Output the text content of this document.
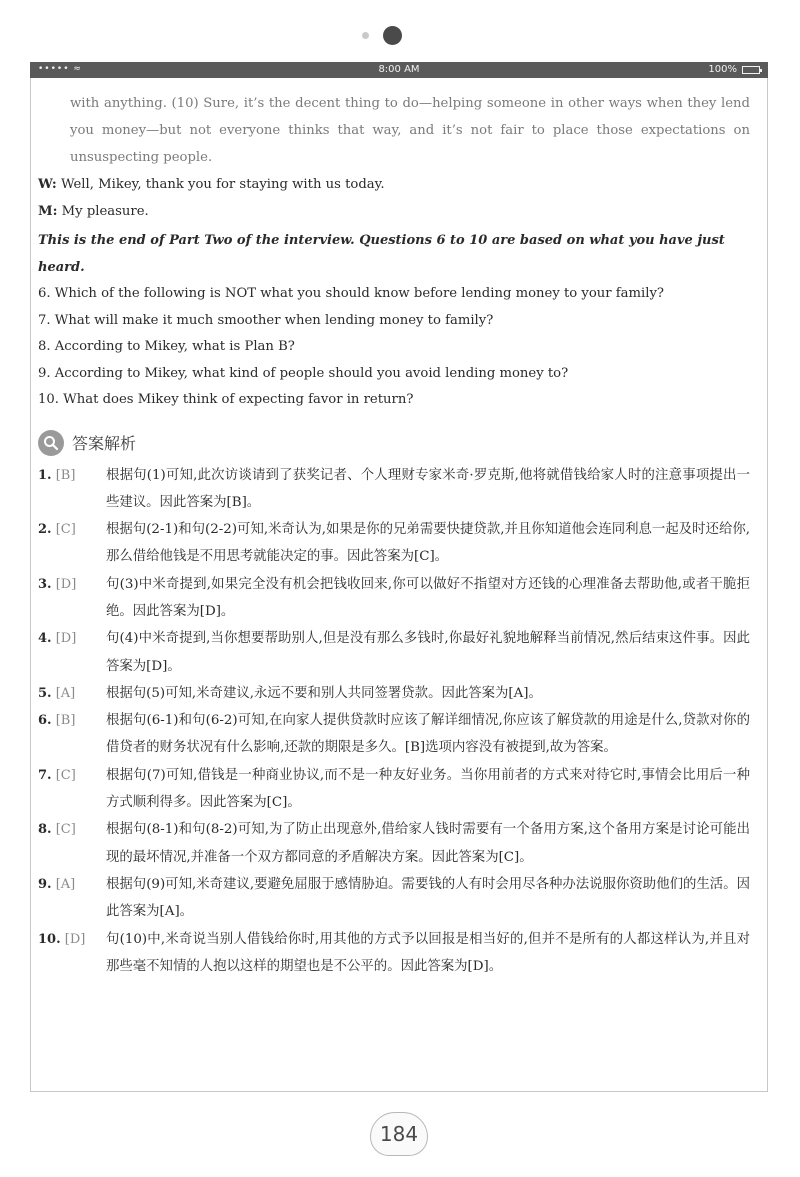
••••• ≈	8:00 AM	100%

with anything. (10) Sure, it’s the decent thing to do—helping someone in other ways when they lend you money—but not everyone thinks that way, and it’s not fair to place those expectations on unsuspecting people.

W: Well, Mikey, thank you for staying with us today.

M: My pleasure.

This is the end of Part Two of the interview. Questions 6 to 10 are based on what you have just heard.

6. Which of the following is NOT what you should know before lending money to your family?

7. What will make it much smoother when lending money to family?

8. According to Mikey, what is Plan B?

9. According to Mikey, what kind of people should you avoid lending money to?

10. What does Mikey think of expecting favor in return?

答案解析
1. [B]	根据句(1)可知,此次访谈请到了获奖记者、个人理财专家米奇·罗克斯,他将就借钱给家人时的注意事项提出一些建议。因此答案为[B]。
2. [C]	根据句(2-1)和句(2-2)可知,米奇认为,如果是你的兄弟需要快捷贷款,并且你知道他会连同利息一起及时还给你,那么借给他钱是不用思考就能决定的事。因此答案为[C]。
3. [D]	句(3)中米奇提到,如果完全没有机会把钱收回来,你可以做好不指望对方还钱的心理准备去帮助他,或者干脆拒绝。因此答案为[D]。
4. [D]	句(4)中米奇提到,当你想要帮助别人,但是没有那么多钱时,你最好礼貌地解释当前情况,然后结束这件事。因此答案为[D]。
5. [A]	根据句(5)可知,米奇建议,永远不要和别人共同签署贷款。因此答案为[A]。
6. [B]	根据句(6-1)和句(6-2)可知,在向家人提供贷款时应该了解详细情况,你应该了解贷款的用途是什么,贷款对你的借贷者的财务状况有什么影响,还款的期限是多久。[B]选项内容没有被提到,故为答案。
7. [C]	根据句(7)可知,借钱是一种商业协议,而不是一种友好业务。当你用前者的方式来对待它时,事情会比用后一种方式顺利得多。因此答案为[C]。
8. [C]	根据句(8-1)和句(8-2)可知,为了防止出现意外,借给家人钱时需要有一个备用方案,这个备用方案是讨论可能出现的最坏情况,并准备一个双方都同意的矛盾解决方案。因此答案为[C]。
9. [A]	根据句(9)可知,米奇建议,要避免屈服于感情胁迫。需要钱的人有时会用尽各种办法说服你资助他们的生活。因此答案为[A]。
10. [D]	句(10)中,米奇说当别人借钱给你时,用其他的方式予以回报是相当好的,但并不是所有的人都这样认为,并且对那些毫不知情的人抱以这样的期望也是不公平的。因此答案为[D]。
184
